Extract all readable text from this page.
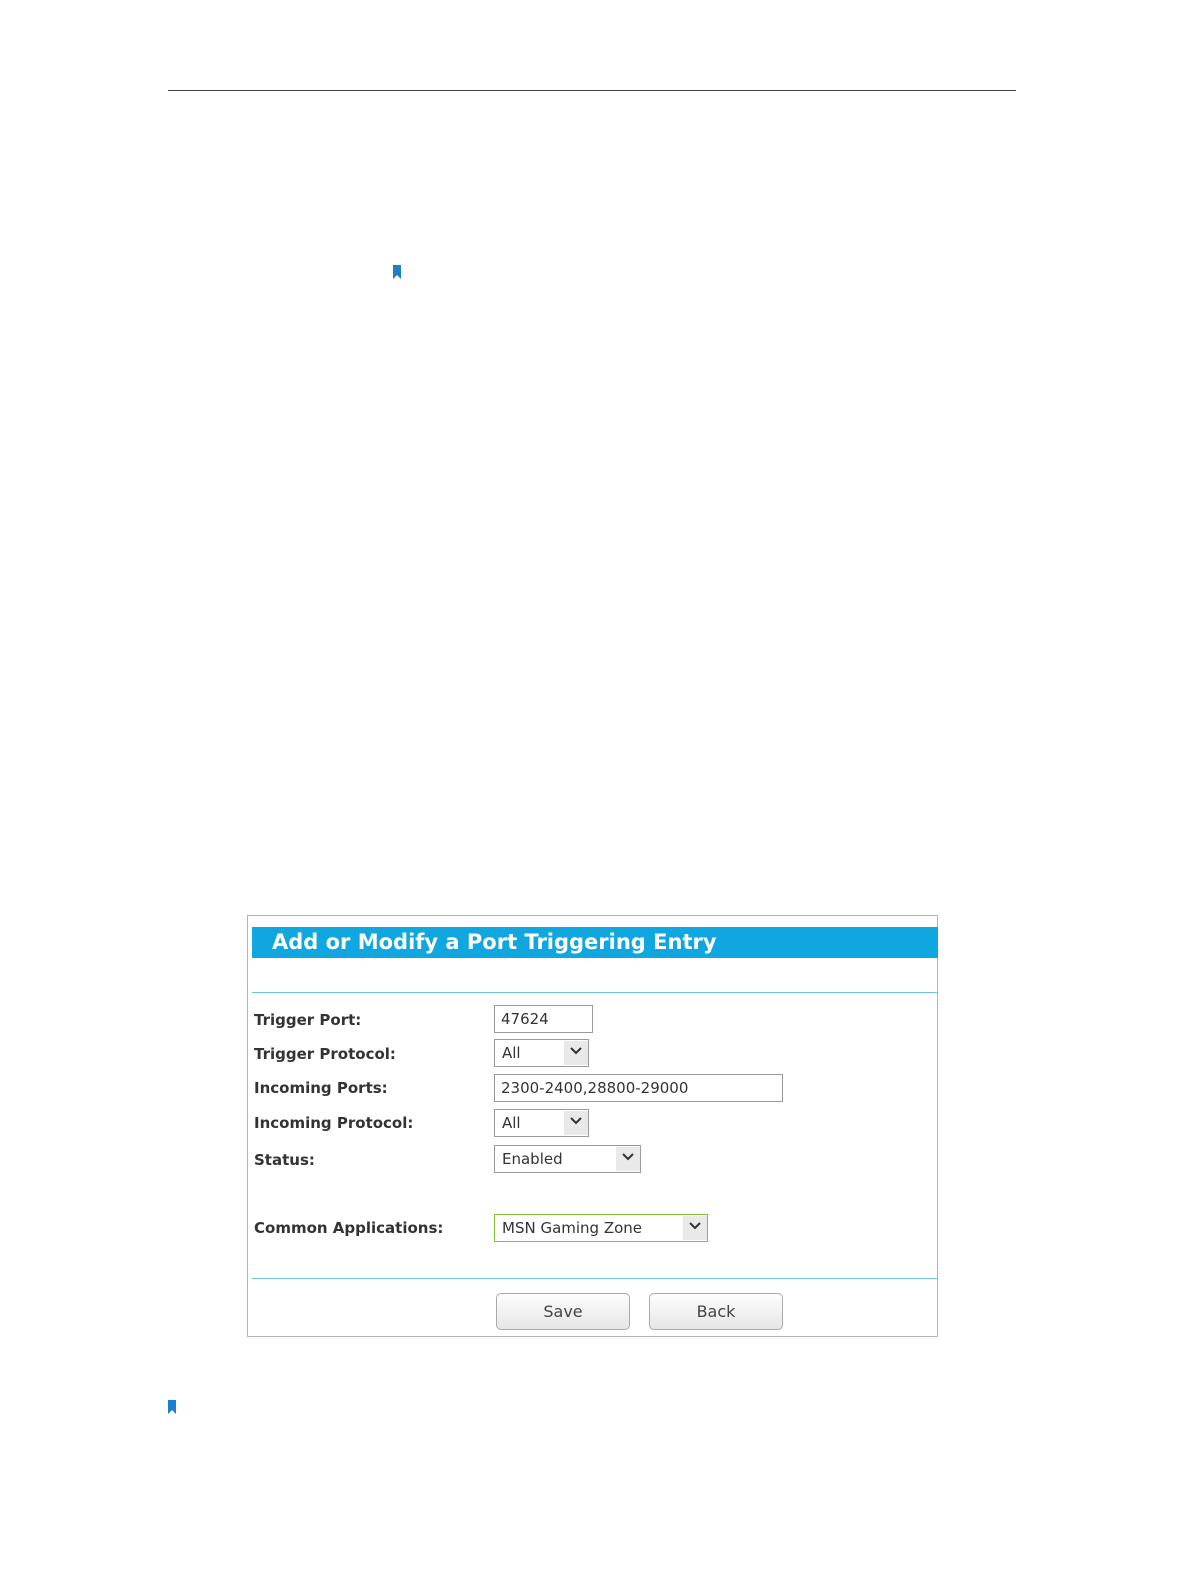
Add or Modify a Port Triggering Entry
Trigger Port:	47624
Trigger Protocol:	All
Incoming Ports:	2300-2400,28800-29000
Incoming Protocol:	All
Status:	Enabled
Common Applications:	MSN Gaming Zone
Save	Back
